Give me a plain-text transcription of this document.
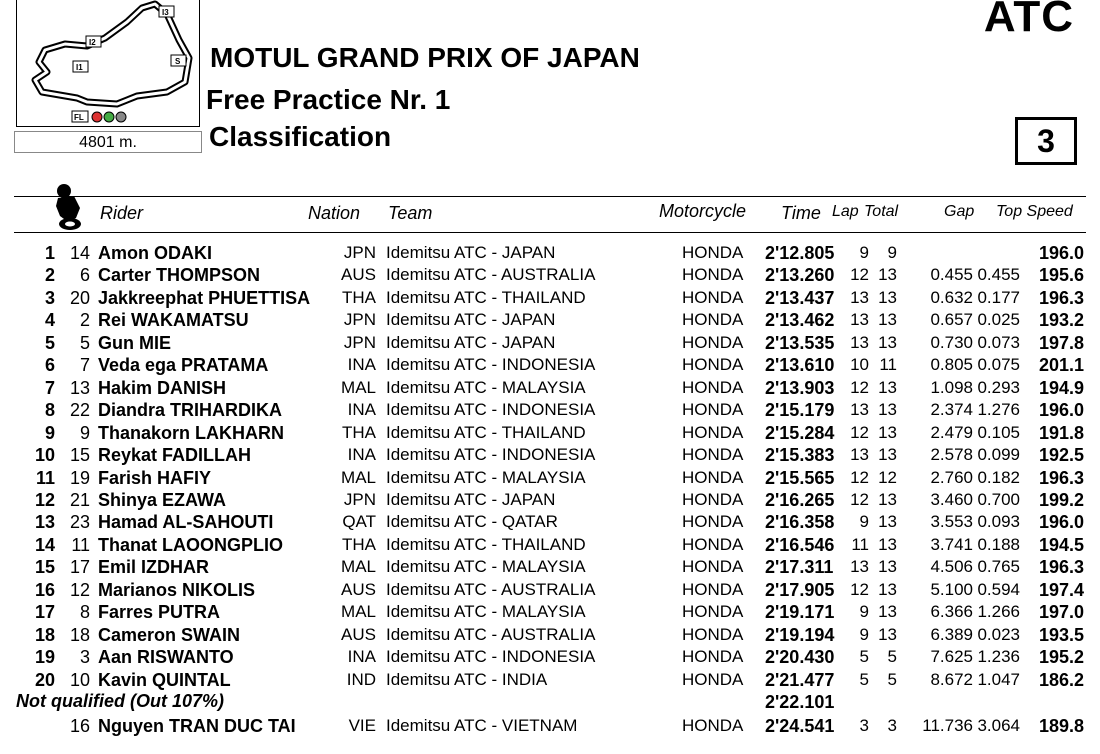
I3
I2
I1
S
FL
4801 m.
ATC
MOTUL GRAND PRIX OF JAPAN
Free Practice Nr. 1
Classification	3
Rider	Nation Team	Motorcycle Time Lap Total	Gap Top Speed
1 14 Amon ODAKI	JPN Idemitsu ATC - JAPAN	HONDA 2'12.805	9	9	196.0
2 6 Carter THOMPSON	AUS Idemitsu ATC - AUSTRALIA	HONDA 2'13.260 12 13	0.455 0.455	195.6
3 20 Jakkreephat PHUETTISA	THA Idemitsu ATC - THAILAND	HONDA 2'13.437 13 13	0.632 0.177	196.3
4 2 Rei WAKAMATSU	JPN Idemitsu ATC - JAPAN	HONDA 2'13.462 13 13	0.657 0.025	193.2
5 5 Gun MIE	JPN Idemitsu ATC - JAPAN	HONDA 2'13.535 13 13	0.730 0.073	197.8
6 7 Veda ega PRATAMA	INA Idemitsu ATC - INDONESIA	HONDA 2'13.610 10 11	0.805 0.075	201.1
7 13 Hakim DANISH	MAL Idemitsu ATC - MALAYSIA	HONDA 2'13.903 12 13	1.098 0.293	194.9
8 22 Diandra TRIHARDIKA	INA Idemitsu ATC - INDONESIA	HONDA 2'15.179 13 13	2.374 1.276	196.0
9 9 Thanakorn LAKHARN	THA Idemitsu ATC - THAILAND	HONDA 2'15.284 12 13	2.479 0.105	191.8
10 15 Reykat FADILLAH	INA Idemitsu ATC - INDONESIA	HONDA 2'15.383 13 13	2.578 0.099	192.5
11 19 Farish HAFIY	MAL Idemitsu ATC - MALAYSIA	HONDA 2'15.565 12 12	2.760 0.182	196.3
12 21 Shinya EZAWA	JPN Idemitsu ATC - JAPAN	HONDA 2'16.265 12 13	3.460 0.700	199.2
13 23 Hamad AL-SAHOUTI	QAT Idemitsu ATC - QATAR	HONDA 2'16.358	9 13	3.553 0.093	196.0
14 11 Thanat LAOONGPLIO	THA Idemitsu ATC - THAILAND	HONDA 2'16.546 11 13	3.741 0.188	194.5
15 17 Emil IZDHAR	MAL Idemitsu ATC - MALAYSIA	HONDA 2'17.311 13 13	4.506 0.765	196.3
16 12 Marianos NIKOLIS	AUS Idemitsu ATC - AUSTRALIA	HONDA 2'17.905 12 13	5.100 0.594	197.4
17 8 Farres PUTRA	MAL Idemitsu ATC - MALAYSIA	HONDA 2'19.171	9 13	6.366 1.266	197.0
18 18 Cameron SWAIN	AUS Idemitsu ATC - AUSTRALIA	HONDA 2'19.194	9 13	6.389 0.023	193.5
19 3 Aan RISWANTO	INA Idemitsu ATC - INDONESIA	HONDA 2'20.430	5	5	7.625 1.236	195.2
20 10 Kavin QUINTAL	IND Idemitsu ATC - INDIA	HONDA 2'21.477	5	5	8.672 1.047	186.2
Not qualified (Out 107%)	2'22.101
16 Nguyen TRAN DUC TAI	VIE Idemitsu ATC - VIETNAM	HONDA 2'24.541	3	3	11.736 3.064	189.8
